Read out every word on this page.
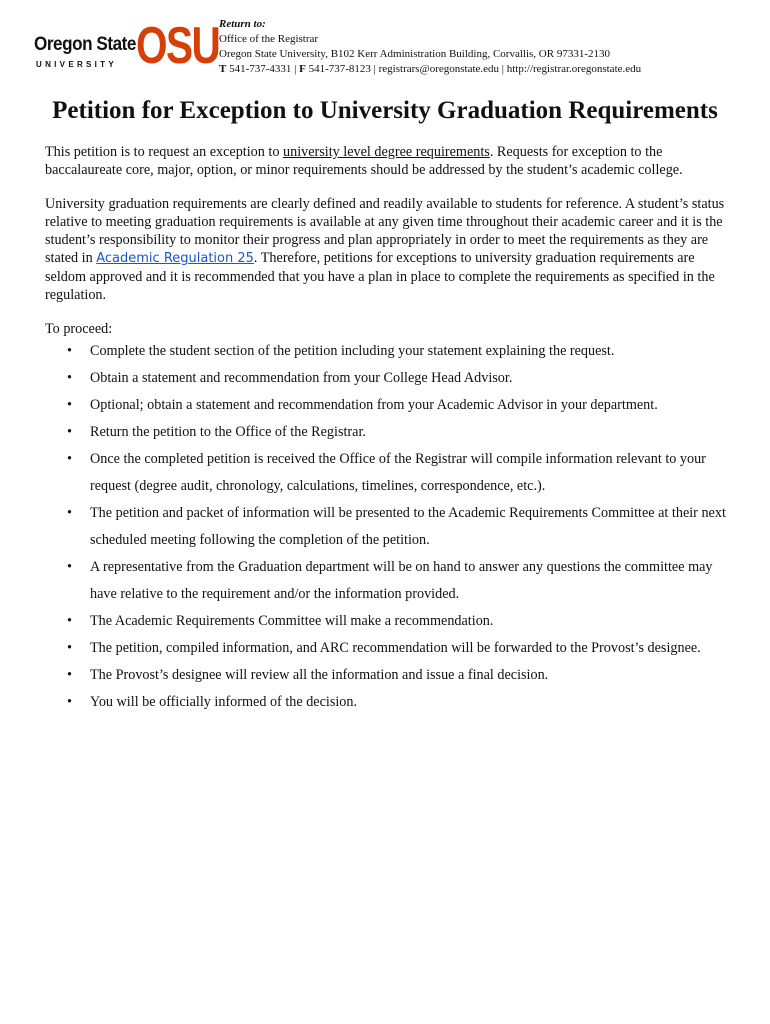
Oregon State
UNIVERSITY OSU Return to:
Office of the Registrar
Oregon State University, B102 Kerr Administration Building, Corvallis, OR 97331-2130
T 541-737-4331 | F 541-737-8123 | registrars@oregonstate.edu | http://registrar.oregonstate.edu
Petition for Exception to University Graduation Requirements

This petition is to request an exception to university level degree requirements. Requests for exception to the baccalaureate core, major, option, or minor requirements should be addressed by the student’s academic college.

University graduation requirements are clearly defined and readily available to students for reference. A student’s status relative to meeting graduation requirements is available at any given time throughout their academic career and it is the student’s responsibility to monitor their progress and plan appropriately in order to meet the requirements as they are stated in Academic Regulation 25. Therefore, petitions for exceptions to university graduation requirements are seldom approved and it is recommended that you have a plan in place to complete the requirements as specified in the regulation.

To proceed:
• Complete the student section of the petition including your statement explaining the request.
• Obtain a statement and recommendation from your College Head Advisor.
• Optional; obtain a statement and recommendation from your Academic Advisor in your department.
• Return the petition to the Office of the Registrar.
• Once the completed petition is received the Office of the Registrar will compile information relevant to your request (degree audit, chronology, calculations, timelines, correspondence, etc.).
• The petition and packet of information will be presented to the Academic Requirements Committee at their next scheduled meeting following the completion of the petition.
• A representative from the Graduation department will be on hand to answer any questions the committee may have relative to the requirement and/or the information provided.
• The Academic Requirements Committee will make a recommendation.
• The petition, compiled information, and ARC recommendation will be forwarded to the Provost’s designee.
• The Provost’s designee will review all the information and issue a final decision.
• You will be officially informed of the decision.
